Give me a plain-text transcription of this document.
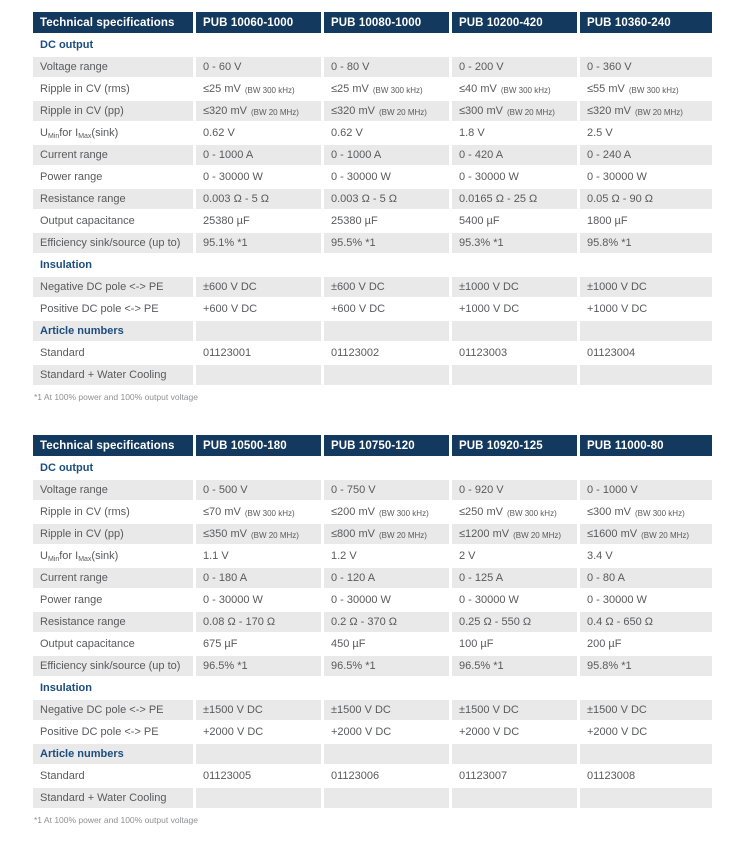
Technical specifications	PUB 10060-1000	PUB 10080-1000	PUB 10200-420	PUB 10360-240
DC output
Voltage range	0 - 60 V	0 - 80 V	0 - 200 V	0 - 360 V
Ripple in CV (rms)	≤25 mV (BW 300 kHz)	≤25 mV (BW 300 kHz)	≤40 mV (BW 300 kHz)	≤55 mV (BW 300 kHz)
Ripple in CV (pp)	≤320 mV (BW 20 MHz)	≤320 mV (BW 20 MHz)	≤300 mV (BW 20 MHz)	≤320 mV (BW 20 MHz)
$U_{Min}$ for $I_{Max}$ (sink)	0.62 V	0.62 V	1.8 V	2.5 V
Current range	0 - 1000 A	0 - 1000 A	0 - 420 A	0 - 240 A
Power range	0 - 30000 W	0 - 30000 W	0 - 30000 W	0 - 30000 W
Resistance range	0.003 Ω - 5 Ω	0.003 Ω - 5 Ω	0.0165 Ω - 25 Ω	0.05 Ω - 90 Ω
Output capacitance	25380 µF	25380 µF	5400 µF	1800 µF
Efficiency sink/source (up to)	95.1% *1	95.5% *1	95.3% *1	95.8% *1
Insulation
Negative DC pole <-> PE	±600 V DC	±600 V DC	±1000 V DC	±1000 V DC
Positive DC pole <-> PE	+600 V DC	+600 V DC	+1000 V DC	+1000 V DC
Article numbers
Standard	01123001	01123002	01123003	01123004
Standard + Water Cooling
*1 At 100% power and 100% output voltage
Technical specifications	PUB 10500-180	PUB 10750-120	PUB 10920-125	PUB 11000-80
DC output
Voltage range	0 - 500 V	0 - 750 V	0 - 920 V	0 - 1000 V
Ripple in CV (rms)	≤70 mV (BW 300 kHz)	≤200 mV (BW 300 kHz)	≤250 mV (BW 300 kHz)	≤300 mV (BW 300 kHz)
Ripple in CV (pp)	≤350 mV (BW 20 MHz)	≤800 mV (BW 20 MHz)	≤1200 mV (BW 20 MHz) ≤1600 mV (BW 20 MHz)
$U_{Min}$ for $I_{Max}$ (sink)	1.1 V	1.2 V	2 V	3.4 V
Current range	0 - 180 A	0 - 120 A	0 - 125 A	0 - 80 A
Power range	0 - 30000 W	0 - 30000 W	0 - 30000 W	0 - 30000 W
Resistance range	0.08 Ω - 170 Ω	0.2 Ω - 370 Ω	0.25 Ω - 550 Ω	0.4 Ω - 650 Ω
Output capacitance	675 µF	450 µF	100 µF	200 µF
Efficiency sink/source (up to)	96.5% *1	96.5% *1	96.5% *1	95.8% *1
Insulation
Negative DC pole <-> PE	±1500 V DC	±1500 V DC	±1500 V DC	±1500 V DC
Positive DC pole <-> PE	+2000 V DC	+2000 V DC	+2000 V DC	+2000 V DC
Article numbers
Standard	01123005	01123006	01123007	01123008
Standard + Water Cooling
*1 At 100% power and 100% output voltage
